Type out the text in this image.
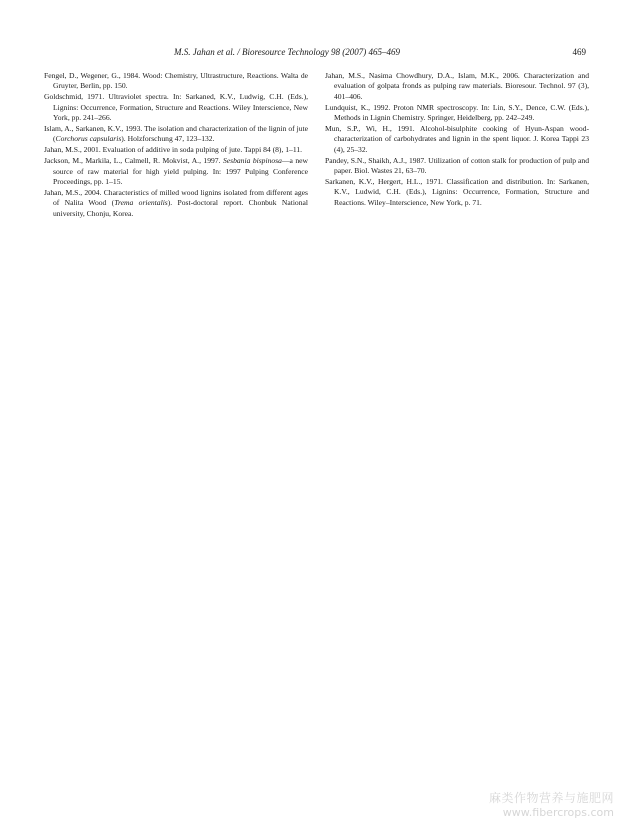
M.S. Jahan et al. / Bioresource Technology 98 (2007) 465–469	469

Fengel, D., Wegener, G., 1984. Wood: Chemistry, Ultrastructure, Reactions. Walta de Gruyter, Berlin, pp. 150.

Goldschmid, 1971. Ultraviolet spectra. In: Sarkaned, K.V., Ludwig, C.H. (Eds.), Lignins: Occurrence, Formation, Structure and Reactions. Wiley Interscience, New York, pp. 241–266.

Islam, A., Sarkanen, K.V., 1993. The isolation and characterization of the lignin of jute (Corchorus capsularis). Holzforschung 47, 123–132.

Jahan, M.S., 2001. Evaluation of additive in soda pulping of jute. Tappi 84 (8), 1–11.

Jackson, M., Markila, L., Calmell, R. Mokvist, A., 1997. Sesbania bispinosa—a new source of raw material for high yield pulping. In: 1997 Pulping Conference Proceedings, pp. 1–15.

Jahan, M.S., 2004. Characteristics of milled wood lignins isolated from different ages of Nalita Wood (Trema orientalis). Post-doctoral report. Chonbuk National university, Chonju, Korea.

Jahan, M.S., Nasima Chowdhury, D.A., Islam, M.K., 2006. Characterization and evaluation of golpata fronds as pulping raw materials. Bioresour. Technol. 97 (3), 401–406.

Lundquist, K., 1992. Proton NMR spectroscopy. In: Lin, S.Y., Dence, C.W. (Eds.), Methods in Lignin Chemistry. Springer, Heidelberg, pp. 242–249.

Mun, S.P., Wi, H., 1991. Alcohol-bisulphite cooking of Hyun-Aspan wood-characterization of carbohydrates and lignin in the spent liquor. J. Korea Tappi 23 (4), 25–32.

Pandey, S.N., Shaikh, A.J., 1987. Utilization of cotton stalk for production of pulp and paper. Biol. Wastes 21, 63–70.

Sarkanen, K.V., Hergert, H.L., 1971. Classification and distribution. In: Sarkanen, K.V., Ludwid, C.H. (Eds.), Lignins: Occurrence, Formation, Structure and Reactions. Wiley–Interscience, New York, p. 71.

麻类作物营养与施肥网
www.fibercrops.com
